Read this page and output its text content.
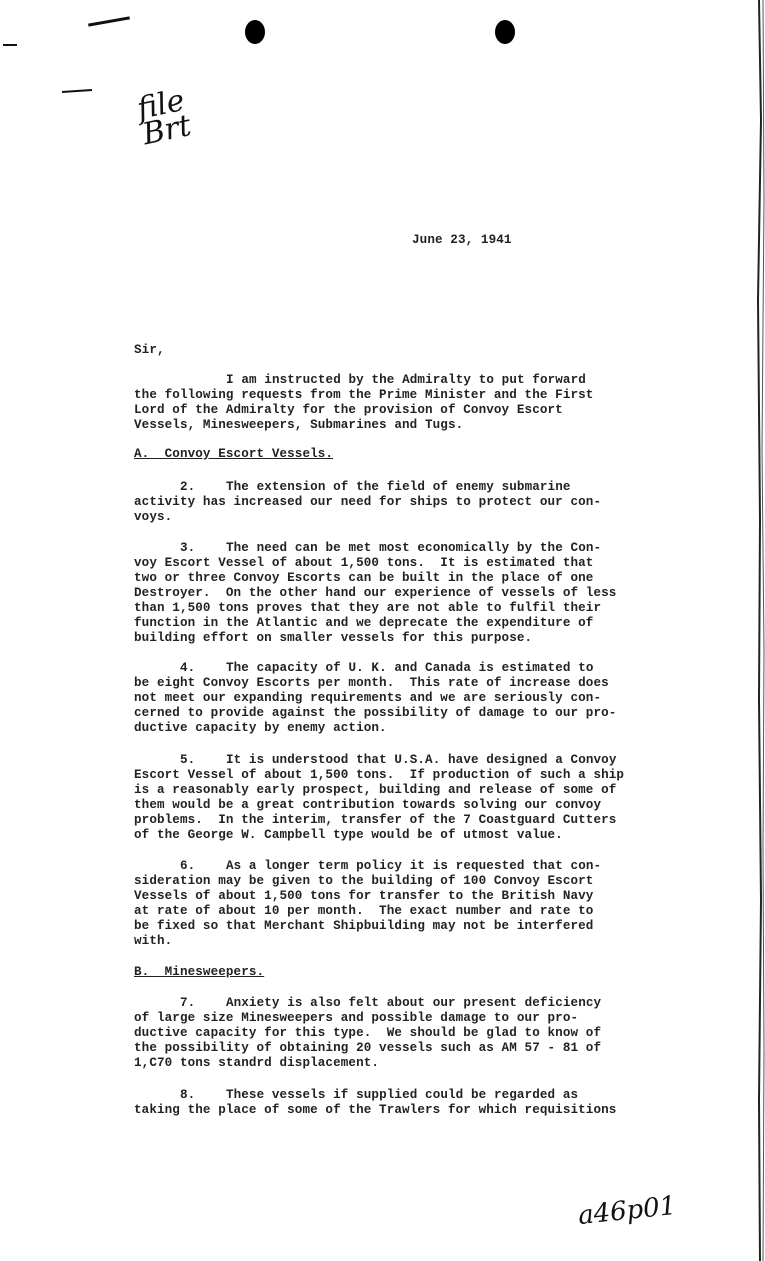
file
Brt
June 23, 1941
Sir,
I am instructed by the Admiralty to put forward
the following requests from the Prime Minister and the First
Lord of the Admiralty for the provision of Convoy Escort
Vessels, Minesweepers, Submarines and Tugs.
A.  Convoy Escort Vessels.
2.    The extension of the field of enemy submarine
activity has increased our need for ships to protect our con-
voys.
3.    The need can be met most economically by the Con-
voy Escort Vessel of about 1,500 tons.  It is estimated that
two or three Convoy Escorts can be built in the place of one
Destroyer.  On the other hand our experience of vessels of less
than 1,500 tons proves that they are not able to fulfil their
function in the Atlantic and we deprecate the expenditure of
building effort on smaller vessels for this purpose.
4.    The capacity of U. K. and Canada is estimated to
be eight Convoy Escorts per month.  This rate of increase does
not meet our expanding requirements and we are seriously con-
cerned to provide against the possibility of damage to our pro-
ductive capacity by enemy action.
5.    It is understood that U.S.A. have designed a Convoy
Escort Vessel of about 1,500 tons.  If production of such a ship
is a reasonably early prospect, building and release of some of
them would be a great contribution towards solving our convoy
problems.  In the interim, transfer of the 7 Coastguard Cutters
of the George W. Campbell type would be of utmost value.
6.    As a longer term policy it is requested that con-
sideration may be given to the building of 100 Convoy Escort
Vessels of about 1,500 tons for transfer to the British Navy
at rate of about 10 per month.  The exact number and rate to
be fixed so that Merchant Shipbuilding may not be interfered
with.
B.  Minesweepers.
7.    Anxiety is also felt about our present deficiency
of large size Minesweepers and possible damage to our pro-
ductive capacity for this type.  We should be glad to know of
the possibility of obtaining 20 vessels such as AM 57 - 81 of
1,C70 tons standrd displacement.
8.    These vessels if supplied could be regarded as
taking the place of some of the Trawlers for which requisitions
a46p01
